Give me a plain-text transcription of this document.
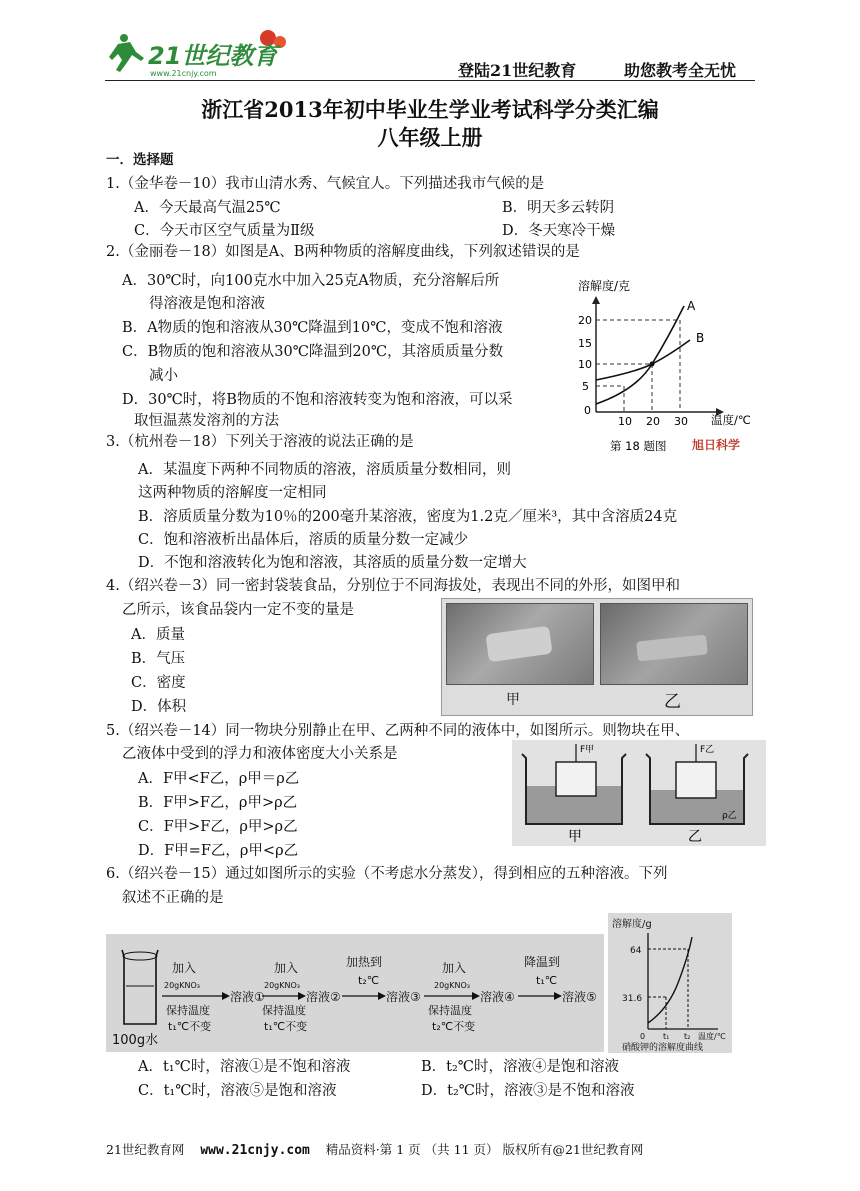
21世纪教育
www.21cnjy.com	登陆21世纪教育	助您教考全无忧
浙江省2013年初中毕业生学业考试科学分类汇编
八年级上册
一．选择题
1.（金华卷－10）我市山清水秀、气候宜人。下列描述我市气候的是
A．今天最高气温25℃	B．明天多云转阴
C．今天市区空气质量为Ⅱ级	D．冬天寒冷干燥
2.（金丽卷－18）如图是A、B两种物质的溶解度曲线，下列叙述错误的是
A．30℃时，向100克水中加入25克A物质，充分溶解后所
得溶液是饱和溶液
B．A物质的饱和溶液从30℃降温到10℃，变成不饱和溶液
C．B物质的饱和溶液从30℃降温到20℃，其溶质质量分数
减小
D．30℃时，将B物质的不饱和溶液转变为饱和溶液，可以采
取恒温蒸发溶剂的方法
溶解度/克
20
15
10
5
0
10 20 30 温度/℃
A
B
第 18 题图 旭日科学
3.（杭州卷－18）下列关于溶液的说法正确的是
A．某温度下两种不同物质的溶液，溶质质量分数相同，则
这两种物质的溶解度一定相同
B．溶质质量分数为10％的200毫升某溶液，密度为1.2克／厘米³，其中含溶质24克
C．饱和溶液析出晶体后，溶质的质量分数一定减少
D．不饱和溶液转化为饱和溶液，其溶质的质量分数一定增大
4.（绍兴卷－3）同一密封袋装食品，分别位于不同海拔处，表现出不同的外形，如图甲和
乙所示，该食品袋内一定不变的量是
A．质量
B．气压
C．密度
D．体积	甲	乙
5.（绍兴卷－14）同一物块分别静止在甲、乙两种不同的液体中，如图所示。则物块在甲、
乙液体中受到的浮力和液体密度大小关系是
A．F甲<F乙，ρ甲＝ρ乙
B．F甲>F乙，ρ甲>ρ乙
C．F甲>F乙，ρ甲>ρ乙
D．F甲=F乙，ρ甲<ρ乙
F甲	F乙
ρ乙
甲	乙
6.（绍兴卷－15）通过如图所示的实验（不考虑水分蒸发），得到相应的五种溶液。下列
叙述不正确的是
100g水
加入
20gKNO₃
保持温度
t₁℃不变
溶液①
加入
20gKNO₃
保持温度
t₁℃不变
溶液②
加热到
t₂℃
溶液③
加入
20gKNO₃
保持温度
t₂℃不变
溶液④
降温到
t₁℃
溶液⑤
溶解度/g
64
31.6
0 t₁ t₂ 温度/℃
硝酸钾的溶解度曲线
A．t₁℃时，溶液①是不饱和溶液	B．t₂℃时，溶液④是饱和溶液
C．t₁℃时，溶液⑤是饱和溶液	D．t₂℃时，溶液③是不饱和溶液
21世纪教育网 www.21cnjy.com 精品资料·第 1 页 （共 11 页） 版权所有@21世纪教育网
